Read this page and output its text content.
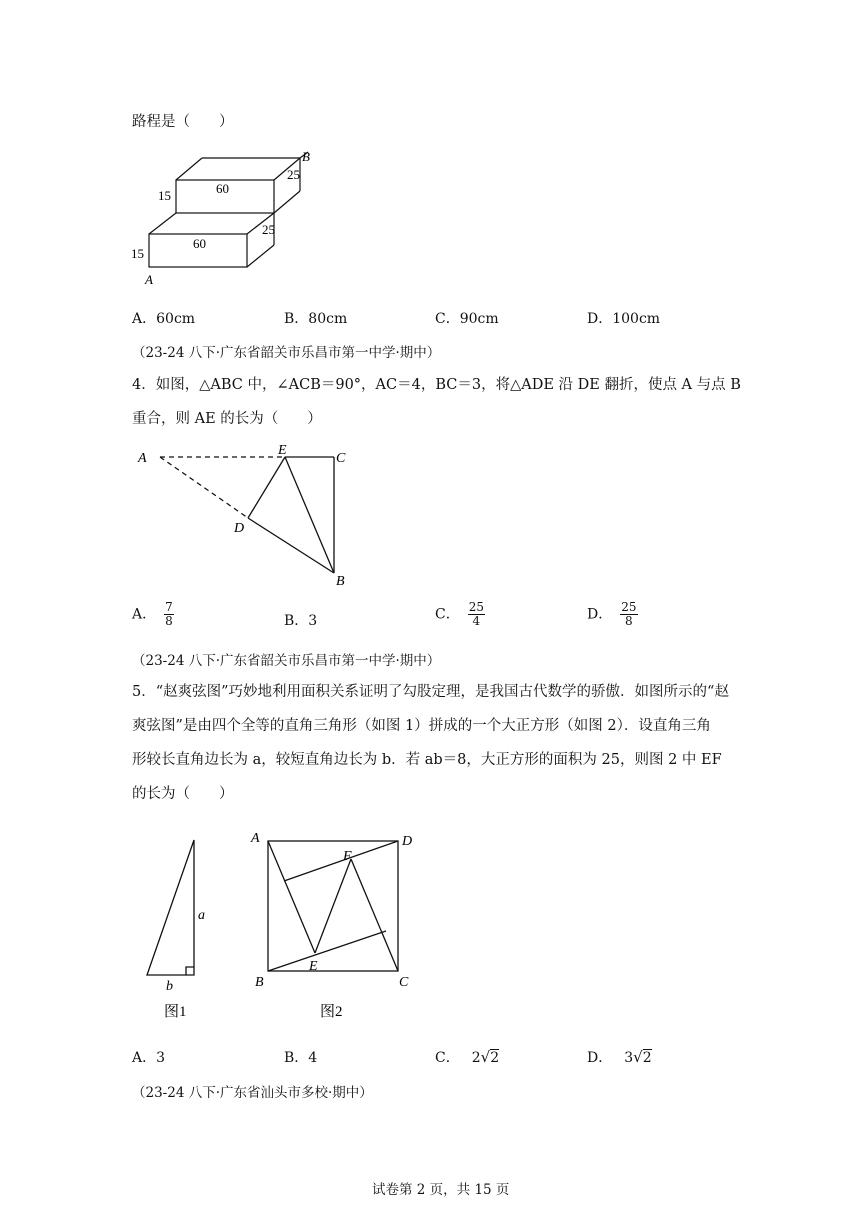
路程是（　　）
60
15
25
60
15
25
A
B
A．60cm	B．80cm	C．90cm	D．100cm
（23-24 八下·广东省韶关市乐昌市第一中学·期中）
4．如图，△ABC 中，∠ACB＝90°，AC＝4，BC＝3，将△ADE 沿 DE 翻折，使点 A 与点 B
重合，则 AE 的长为（　　）
A
E
C
D
B
A． $\frac{7}{8}$	B．3	C． $\frac{25}{4}$	D． $\frac{25}{8}$
（23-24 八下·广东省韶关市乐昌市第一中学·期中）
5．“赵爽弦图”巧妙地利用面积关系证明了勾股定理，是我国古代数学的骄傲．如图所示的“赵
爽弦图”是由四个全等的直角三角形（如图 1）拼成的一个大正方形（如图 2）．设直角三角
形较长直角边长为 a，较短直角边长为 b．若 ab＝8，大正方形的面积为 25，则图 2 中 EF
的长为（　　）
a
b
图1
A	D
F
E
B	C
图2
A．3	B．4	C． 2√2	D． 3√2
（23-24 八下·广东省汕头市多校·期中）
试卷第 2 页，共 15 页
